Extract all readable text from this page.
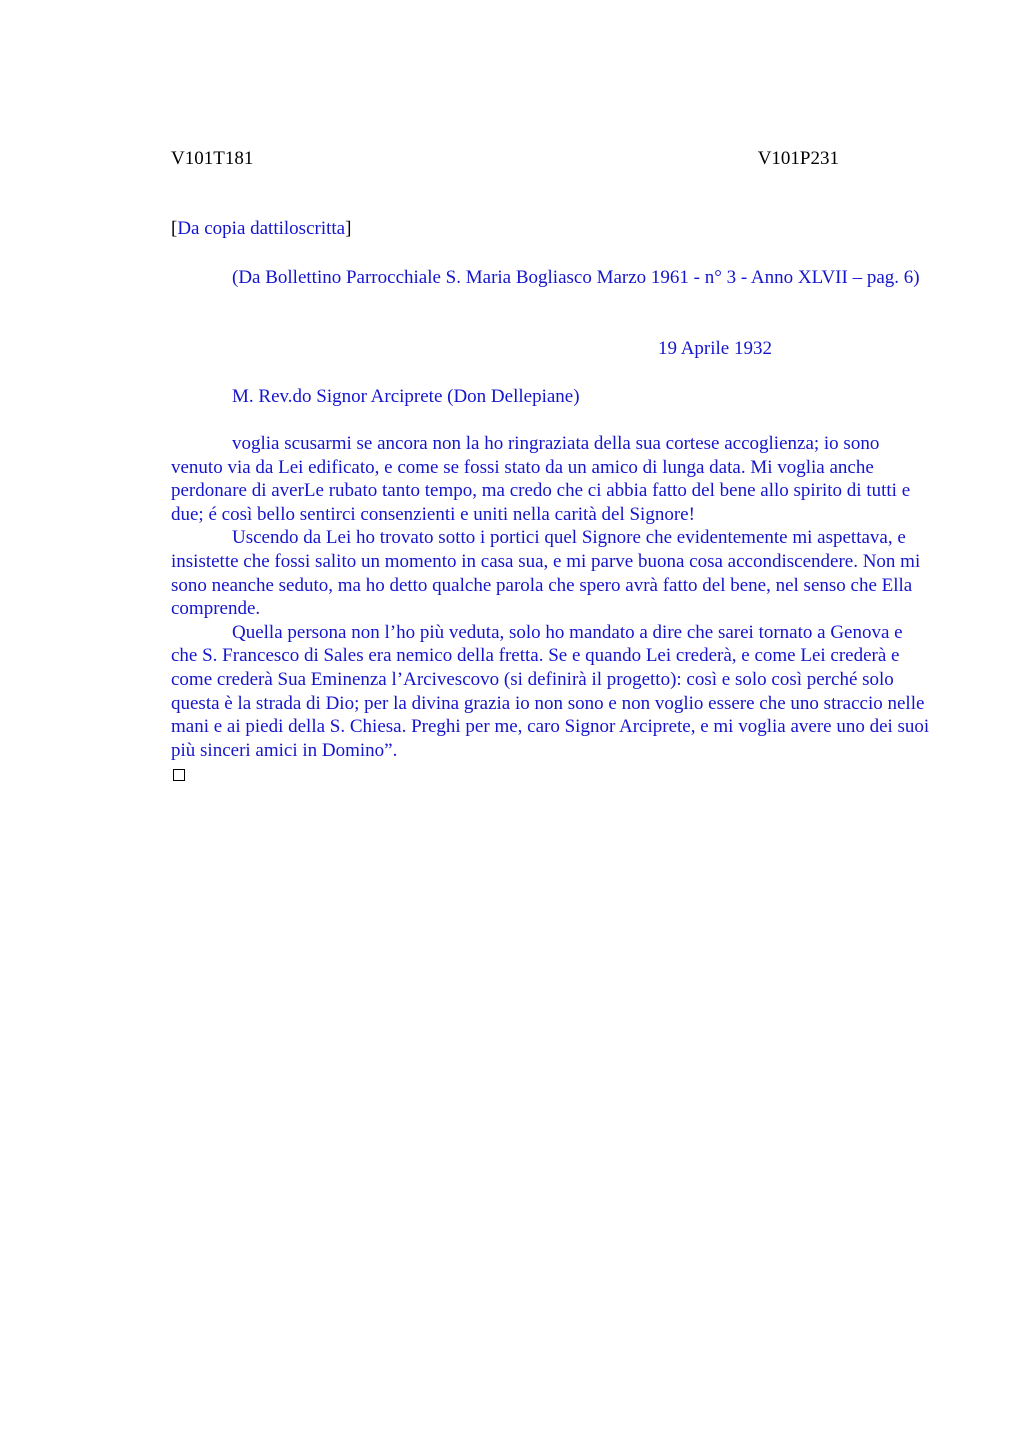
V101T181	V101P231
[Da copia dattiloscritta]

(Da Bollettino Parrocchiale S. Maria Bogliasco Marzo 1961 - n° 3 - Anno XLVII – pag. 6)

19 Aprile 1932
M. Rev.do Signor Arciprete (Don Dellepiane)

voglia scusarmi se ancora non la ho ringraziata della sua cortese accoglienza; io sono venuto via da Lei edificato, e come se fossi stato da un amico di lunga data. Mi voglia anche perdonare di averLe rubato tanto tempo, ma credo che ci abbia fatto del bene allo spirito di tutti e due; é così bello sentirci consenzienti e uniti nella carità del Signore!

Uscendo da Lei ho trovato sotto i portici quel Signore che evidentemente mi aspettava, e insistette che fossi salito un momento in casa sua, e mi parve buona cosa accondiscendere. Non mi sono neanche seduto, ma ho detto qualche parola che spero avrà fatto del bene, nel senso che Ella comprende.

Quella persona non l’ho più veduta, solo ho mandato a dire che sarei tornato a Genova e che S. Francesco di Sales era nemico della fretta. Se e quando Lei crederà, e come Lei crederà e come crederà Sua Eminenza l’Arcivescovo (si definirà il progetto): così e solo così perché solo questa è la strada di Dio; per la divina grazia io non sono e non voglio essere che uno straccio nelle mani e ai piedi della S. Chiesa. Preghi per me, caro Signor Arciprete, e mi voglia avere uno dei suoi più sinceri amici in Domino”.
